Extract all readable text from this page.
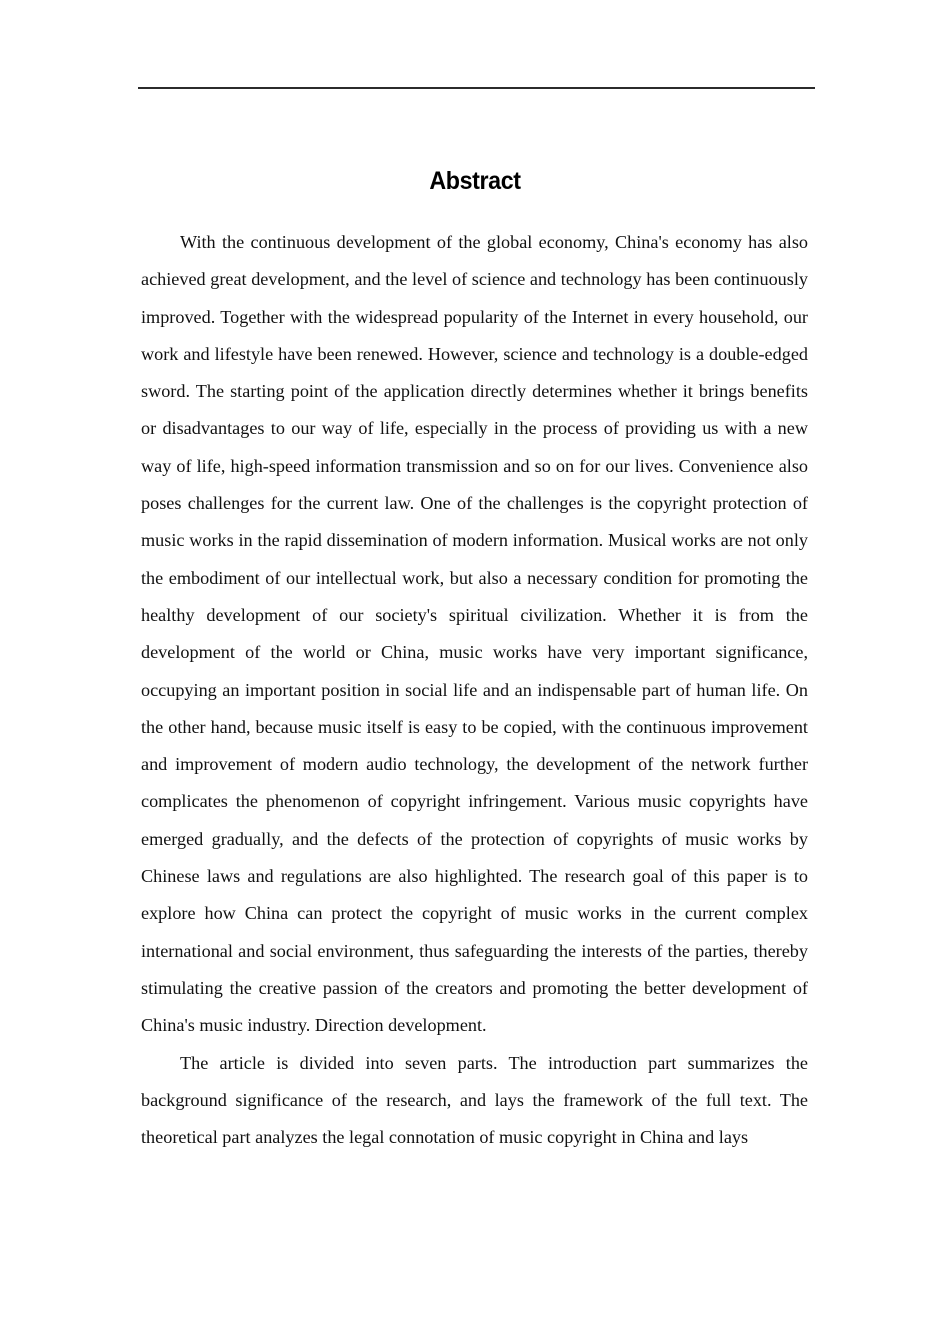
Abstract

With the continuous development of the global economy, China's economy has also achieved great development, and the level of science and technology has been continuously improved. Together with the widespread popularity of the Internet in every household, our work and lifestyle have been renewed. However, science and technology is a double-edged sword. The starting point of the application directly determines whether it brings benefits or disadvantages to our way of life, especially in the process of providing us with a new way of life, high-speed information transmission and so on for our lives. Convenience also poses challenges for the current law. One of the challenges is the copyright protection of music works in the rapid dissemination of modern information. Musical works are not only the embodiment of our intellectual work, but also a necessary condition for promoting the healthy development of our society's spiritual civilization. Whether it is from the development of the world or China, music works have very important significance, occupying an important position in social life and an indispensable part of human life. On the other hand, because music itself is easy to be copied, with the continuous improvement and improvement of modern audio technology, the development of the network further complicates the phenomenon of copyright infringement. Various music copyrights have emerged gradually, and the defects of the protection of copyrights of music works by Chinese laws and regulations are also highlighted. The research goal of this paper is to explore how China can protect the copyright of music works in the current complex international and social environment, thus safeguarding the interests of the parties, thereby stimulating the creative passion of the creators and promoting the better development of China's music industry. Direction development.

The article is divided into seven parts. The introduction part summarizes the background significance of the research, and lays the framework of the full text. The theoretical part analyzes the legal connotation of music copyright in China and lays
